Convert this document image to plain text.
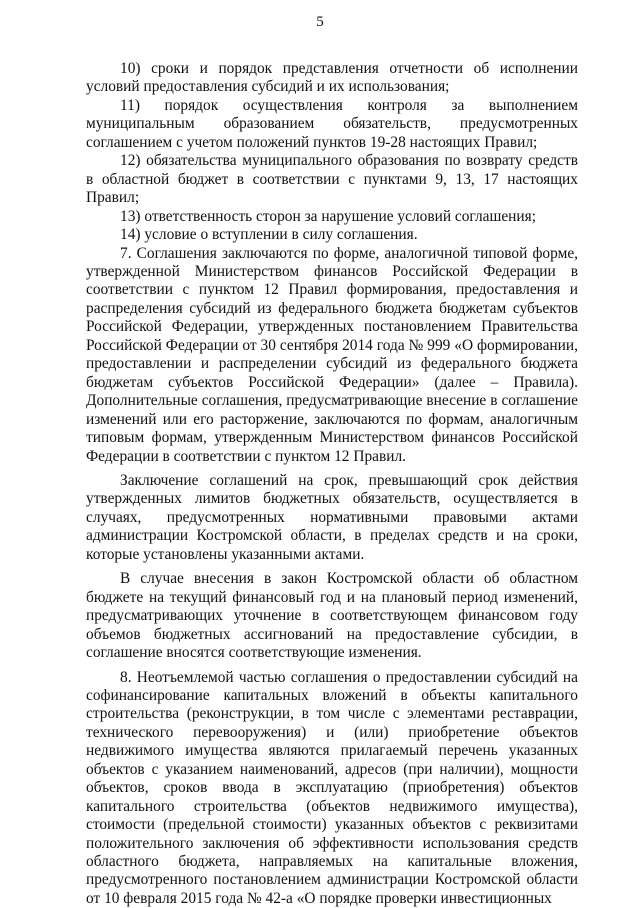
5

10) сроки и порядок представления отчетности об исполнении условий предоставления субсидий и их использования;

11) порядок осуществления контроля за выполнением муниципальным образованием обязательств, предусмотренных соглашением с учетом положений пунктов 19-28 настоящих Правил;

12) обязательства муниципального образования по возврату средств в областной бюджет в соответствии с пунктами 9, 13, 17 настоящих Правил;

13) ответственность сторон за нарушение условий соглашения;

14) условие о вступлении в силу соглашения.

7. Соглашения заключаются по форме, аналогичной типовой форме, утвержденной Министерством финансов Российской Федерации в соответствии с пунктом 12 Правил формирования, предоставления и распределения субсидий из федерального бюджета бюджетам субъектов Российской Федерации, утвержденных постановлением Правительства Российской Федерации от 30 сентября 2014 года № 999 «О формировании, предоставлении и распределении субсидий из федерального бюджета бюджетам субъектов Российской Федерации» (далее – Правила). Дополнительные соглашения, предусматривающие внесение в соглашение изменений или его расторжение, заключаются по формам, аналогичным типовым формам, утвержденным Министерством финансов Российской Федерации в соответствии с пунктом 12 Правил.

Заключение соглашений на срок, превышающий срок действия утвержденных лимитов бюджетных обязательств, осуществляется в случаях, предусмотренных нормативными правовыми актами администрации Костромской области, в пределах средств и на сроки, которые установлены указанными актами.

В случае внесения в закон Костромской области об областном бюджете на текущий финансовый год и на плановый период изменений, предусматривающих уточнение в соответствующем финансовом году объемов бюджетных ассигнований на предоставление субсидии, в соглашение вносятся соответствующие изменения.

8. Неотъемлемой частью соглашения о предоставлении субсидий на софинансирование капитальных вложений в объекты капитального строительства (реконструкции, в том числе с элементами реставрации, технического перевооружения) и (или) приобретение объектов недвижимого имущества являются прилагаемый перечень указанных объектов с указанием наименований, адресов (при наличии), мощности объектов, сроков ввода в эксплуатацию (приобретения) объектов капитального строительства (объектов недвижимого имущества), стоимости (предельной стоимости) указанных объектов с реквизитами положительного заключения об эффективности использования средств областного бюджета, направляемых на капитальные вложения, предусмотренного постановлением администрации Костромской области от 10 февраля 2015 года № 42-а «О порядке проверки инвестиционных
